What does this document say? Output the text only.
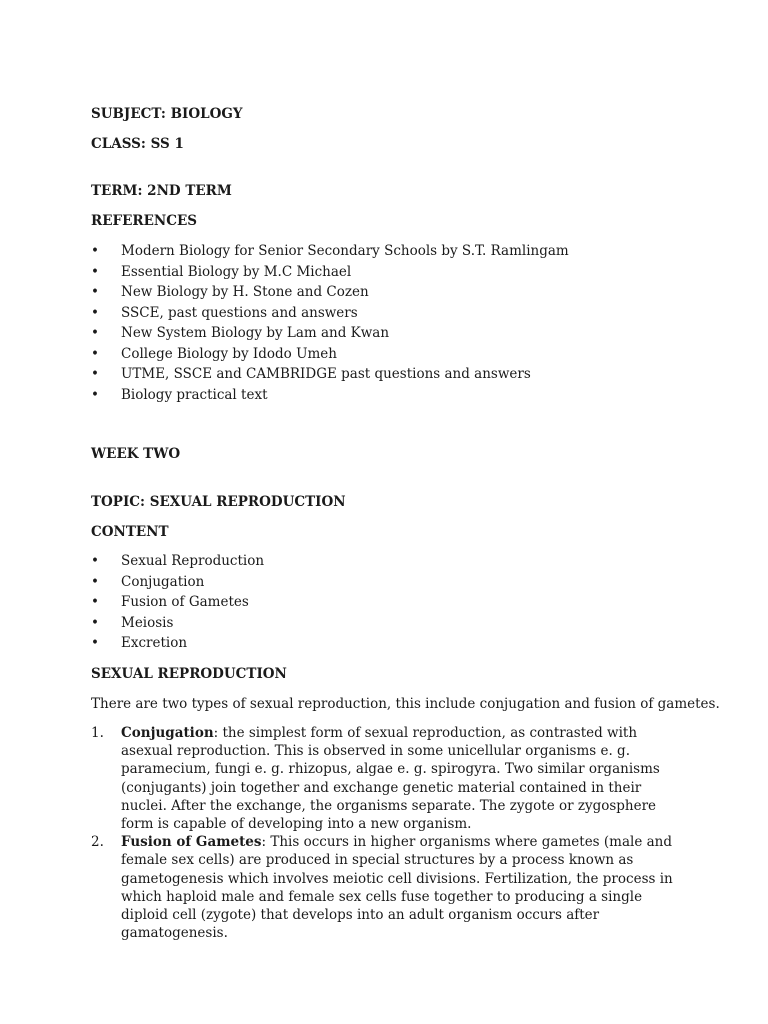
SUBJECT: BIOLOGY
CLASS: SS 1
TERM: 2ND TERM
REFERENCES
• Modern Biology for Senior Secondary Schools by S.T. Ramlingam
• Essential Biology by M.C Michael
• New Biology by H. Stone and Cozen
• SSCE, past questions and answers
• New System Biology by Lam and Kwan
• College Biology by Idodo Umeh
• UTME, SSCE and CAMBRIDGE past questions and answers
• Biology practical text
WEEK TWO
TOPIC: SEXUAL REPRODUCTION
CONTENT
• Sexual Reproduction
• Conjugation
• Fusion of Gametes
• Meiosis
• Excretion
SEXUAL REPRODUCTION
There are two types of sexual reproduction, this include conjugation and fusion of gametes.
1. Conjugation: the simplest form of sexual reproduction, as contrasted with asexual reproduction. This is observed in some unicellular organisms e. g. paramecium, fungi e. g. rhizopus, algae e. g. spirogyra. Two similar organisms (conjugants) join together and exchange genetic material contained in their nuclei. After the exchange, the organisms separate. The zygote or zygosphere form is capable of developing into a new organism.
2. Fusion of Gametes: This occurs in higher organisms where gametes (male and female sex cells) are produced in special structures by a process known as gametogenesis which involves meiotic cell divisions. Fertilization, the process in which haploid male and female sex cells fuse together to producing a single diploid cell (zygote) that develops into an adult organism occurs after gamatogenesis.
